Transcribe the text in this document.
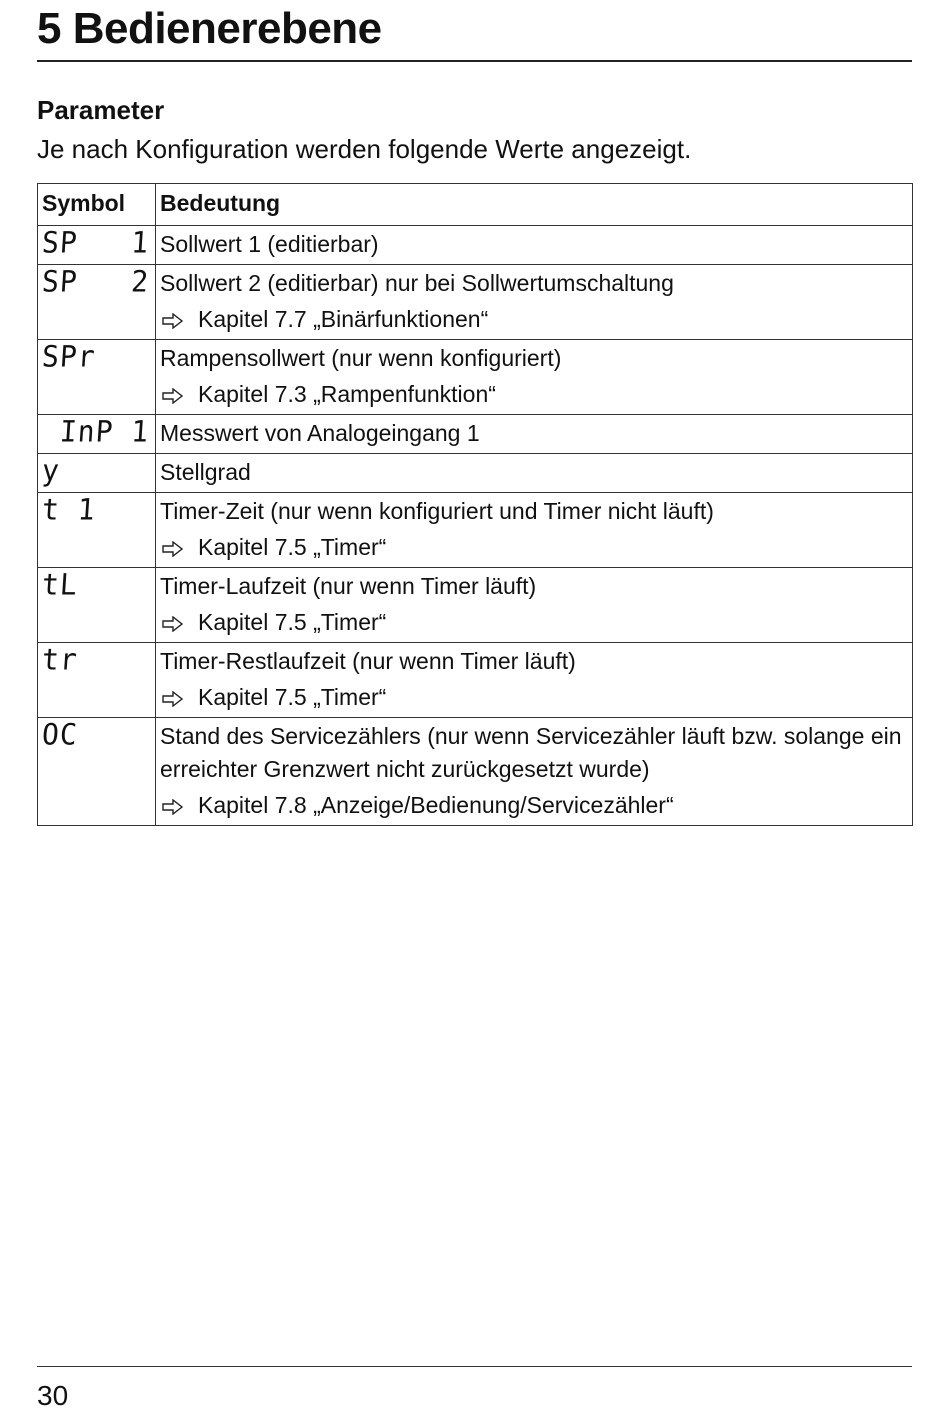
5 Bedienerebene
Parameter

Je nach Konfiguration werden folgende Werte angezeigt.

Symbol	Bedeutung
SP   1	Sollwert 1 (editierbar)
SP   2	Sollwert 2 (editierbar) nur bei Sollwertumschaltung
Kapitel 7.7 „Binärfunktionen“

SPr	Rampensollwert (nur wenn konfiguriert)
Kapitel 7.3 „Rampenfunktion“

InP 1	Messwert von Analogeingang 1
y	Stellgrad
t 1	Timer-Zeit (nur wenn konfiguriert und Timer nicht läuft)
Kapitel 7.5 „Timer“

tL	Timer-Laufzeit (nur wenn Timer läuft)
Kapitel 7.5 „Timer“

tr	Timer-Restlaufzeit (nur wenn Timer läuft)
Kapitel 7.5 „Timer“

OC	Stand des Servicezählers (nur wenn Servicezähler läuft bzw. solange ein erreichter Grenzwert nicht zurückgesetzt wurde)
Kapitel 7.8 „Anzeige/Bedienung/Servicezähler“

30
